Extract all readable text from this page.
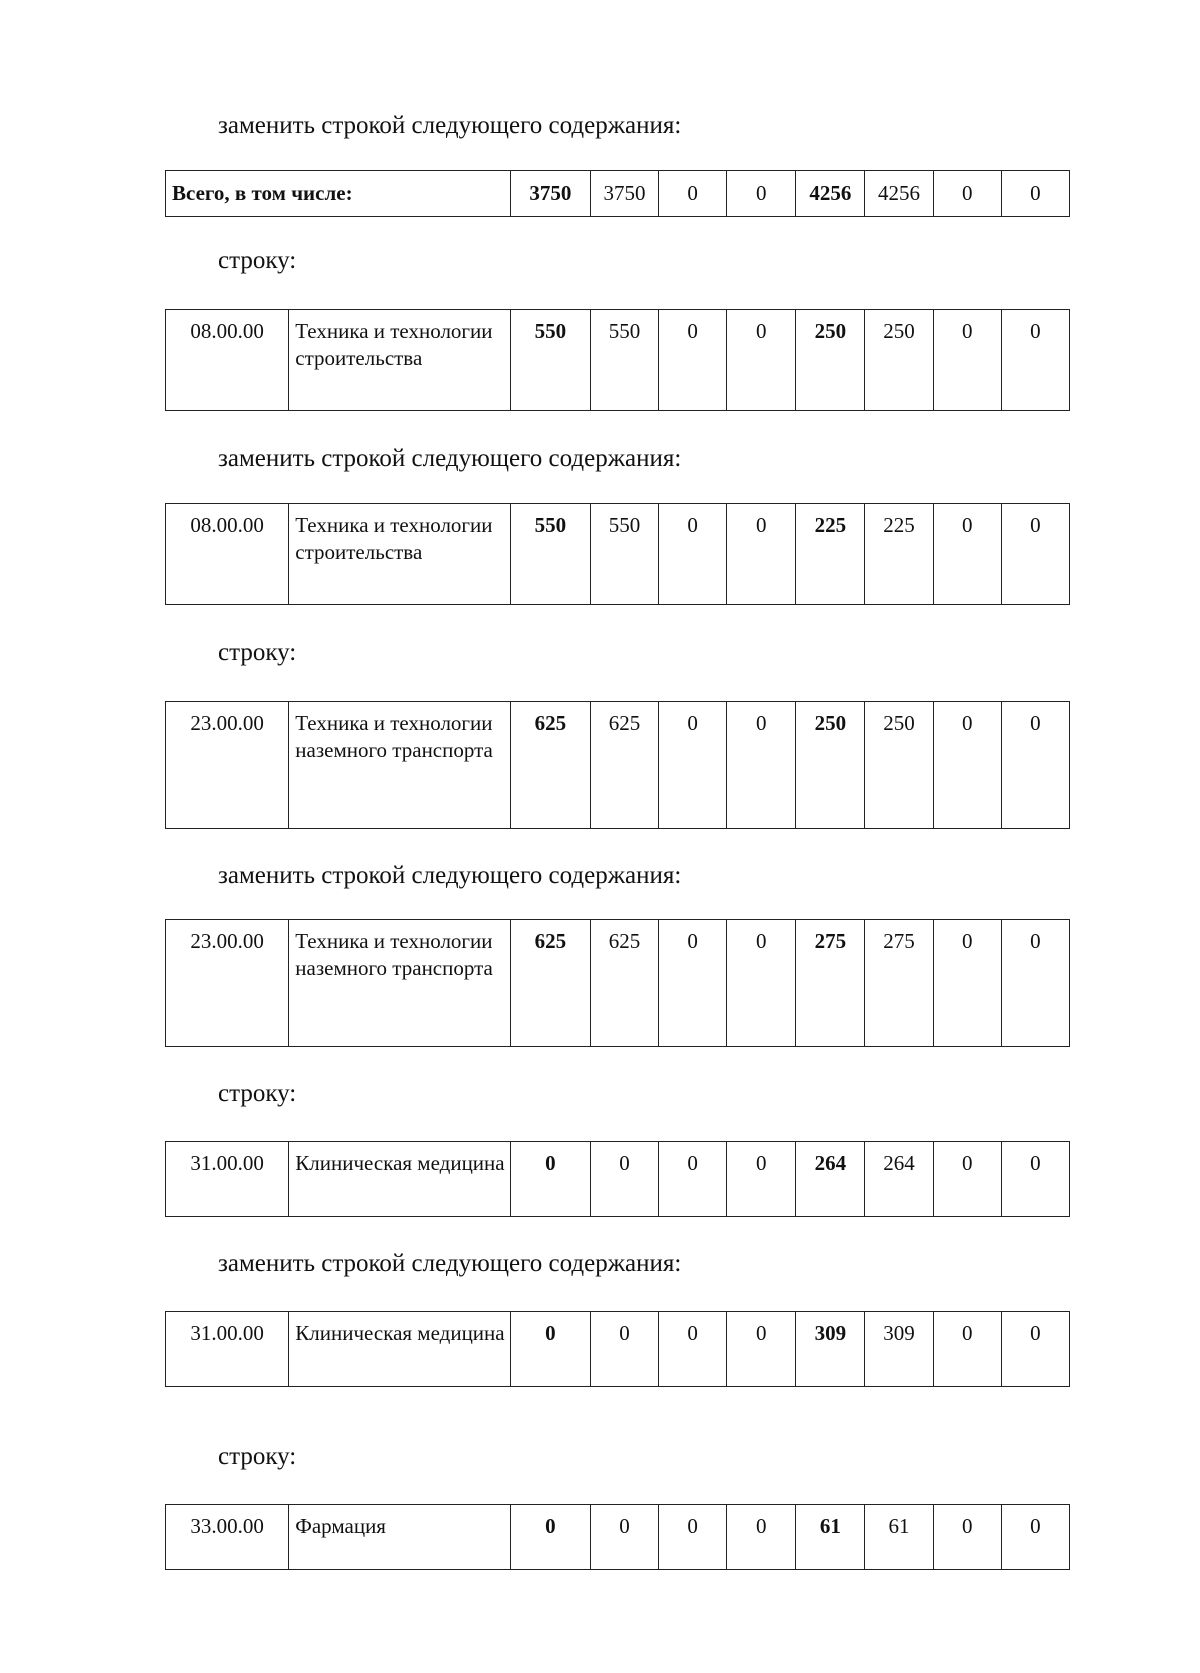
заменить строкой следующего содержания:
Всего, в том числе:	3750	3750	0	0	4256	4256	0	0
строку:
08.00.00	Техника и технологии строительства	550	550	0	0	250	250	0	0
заменить строкой следующего содержания:
08.00.00	Техника и технологии строительства	550	550	0	0	225	225	0	0
строку:
23.00.00	Техника и технологии наземного транспорта	625	625	0	0	250	250	0	0
заменить строкой следующего содержания:
23.00.00	Техника и технологии наземного транспорта	625	625	0	0	275	275	0	0
строку:
31.00.00	Клиническая медицина	0	0	0	0	264	264	0	0
заменить строкой следующего содержания:
31.00.00	Клиническая медицина	0	0	0	0	309	309	0	0
строку:
33.00.00	Фармация	0	0	0	0	61	61	0	0
